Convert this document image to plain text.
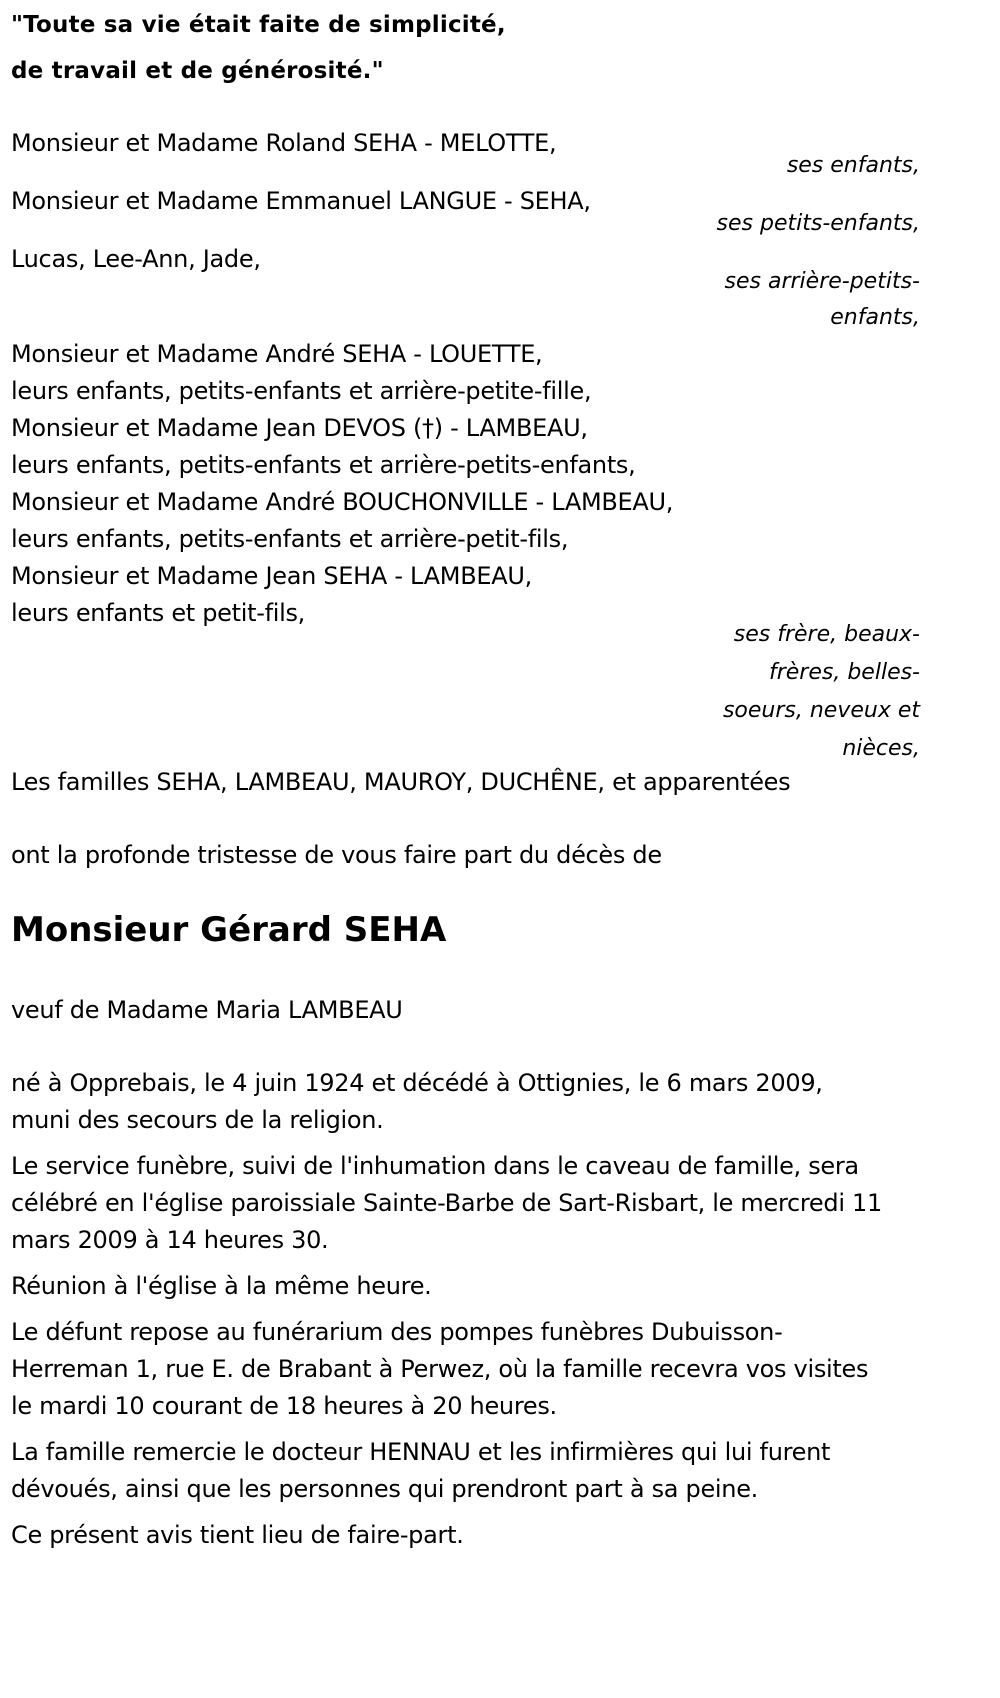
"Toute sa vie était faite de simplicité,
de travail et de générosité."
Monsieur et Madame Roland SEHA - MELOTTE,
ses enfants,
Monsieur et Madame Emmanuel LANGUE - SEHA,
ses petits-enfants,
Lucas, Lee-Ann, Jade,
ses arrière-petits-
enfants,
Monsieur et Madame André SEHA - LOUETTE,
leurs enfants, petits-enfants et arrière-petite-fille,
Monsieur et Madame Jean DEVOS (†) - LAMBEAU,
leurs enfants, petits-enfants et arrière-petits-enfants,
Monsieur et Madame André BOUCHONVILLE - LAMBEAU,
leurs enfants, petits-enfants et arrière-petit-fils,
Monsieur et Madame Jean SEHA - LAMBEAU,
leurs enfants et petit-fils,
ses frère, beaux-
frères, belles-
soeurs, neveux et
nièces,
Les familles SEHA, LAMBEAU, MAUROY, DUCHÊNE, et apparentées
ont la profonde tristesse de vous faire part du décès de
Monsieur Gérard SEHA
veuf de Madame Maria LAMBEAU
né à Opprebais, le 4 juin 1924 et décédé à Ottignies, le 6 mars 2009,
muni des secours de la religion.
Le service funèbre, suivi de l'inhumation dans le caveau de famille, sera
célébré en l'église paroissiale Sainte-Barbe de Sart-Risbart, le mercredi 11
mars 2009 à 14 heures 30.
Réunion à l'église à la même heure.
Le défunt repose au funérarium des pompes funèbres Dubuisson-
Herreman 1, rue E. de Brabant à Perwez, où la famille recevra vos visites
le mardi 10 courant de 18 heures à 20 heures.
La famille remercie le docteur HENNAU et les infirmières qui lui furent
dévoués, ainsi que les personnes qui prendront part à sa peine.
Ce présent avis tient lieu de faire-part.
